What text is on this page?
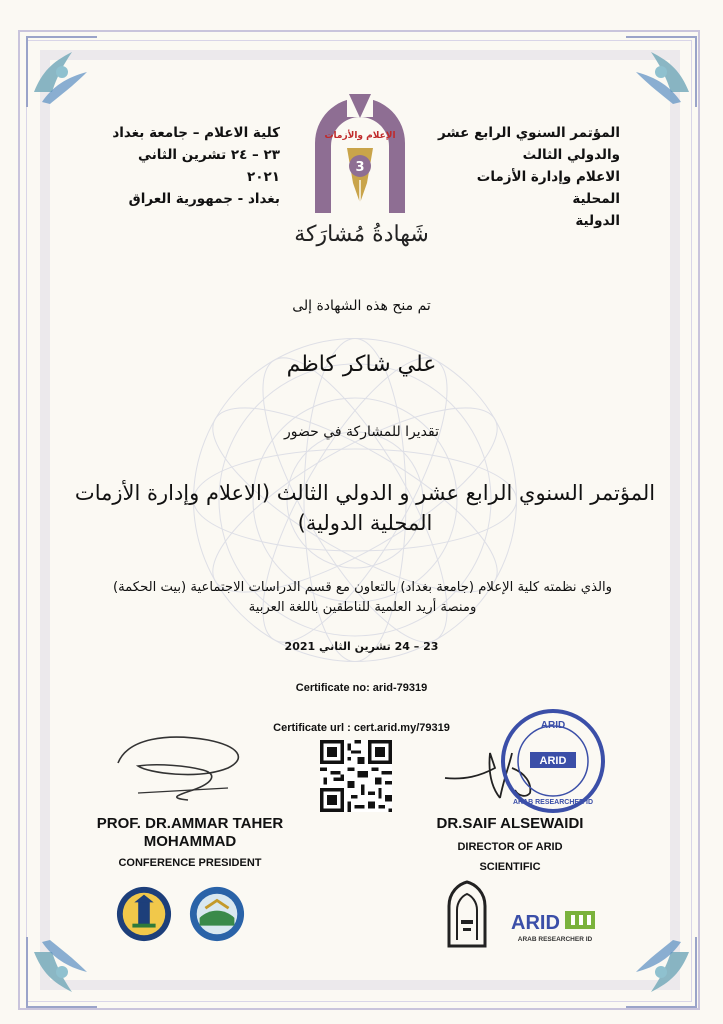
المؤتمر السنوي الرابع عشر
والدولي الثالث
الاعلام وإدارة الأزمات المحلية
الدولية
كلية الاعلام – جامعة بغداد
٢٣ – ٢٤ تشرين الثاني
٢٠٢١
بغداد - جمهورية العراق
الإعلام والأزمات
3
شَهادةُ مُشارَكة
تم منح هذه الشهادة إلى
علي شاكر كاظم
تقديرا للمشاركة في حضور
المؤتمر السنوي الرابع عشر و الدولي الثالث (الاعلام وإدارة الأزمات المحلية الدولية)
والذي نظمته كلية الإعلام (جامعة بغداد) بالتعاون مع قسم الدراسات الاجتماعية (بيت الحكمة)
ومنصة أريد العلمية للناطقين باللغة العربية
23 – 24 تشرين الثاني 2021
Certificate no: arid-79319
Certificate url : cert.arid.my/79319	ARID
ARID
ARAB RESEARCHER ID
PROF. DR.AMMAR TAHER MOHAMMAD
CONFERENCE PRESIDENT
DR.SAIF ALSEWAIDI
DIRECTOR OF ARID
SCIENTIFIC
ARID
ARAB RESEARCHER ID
